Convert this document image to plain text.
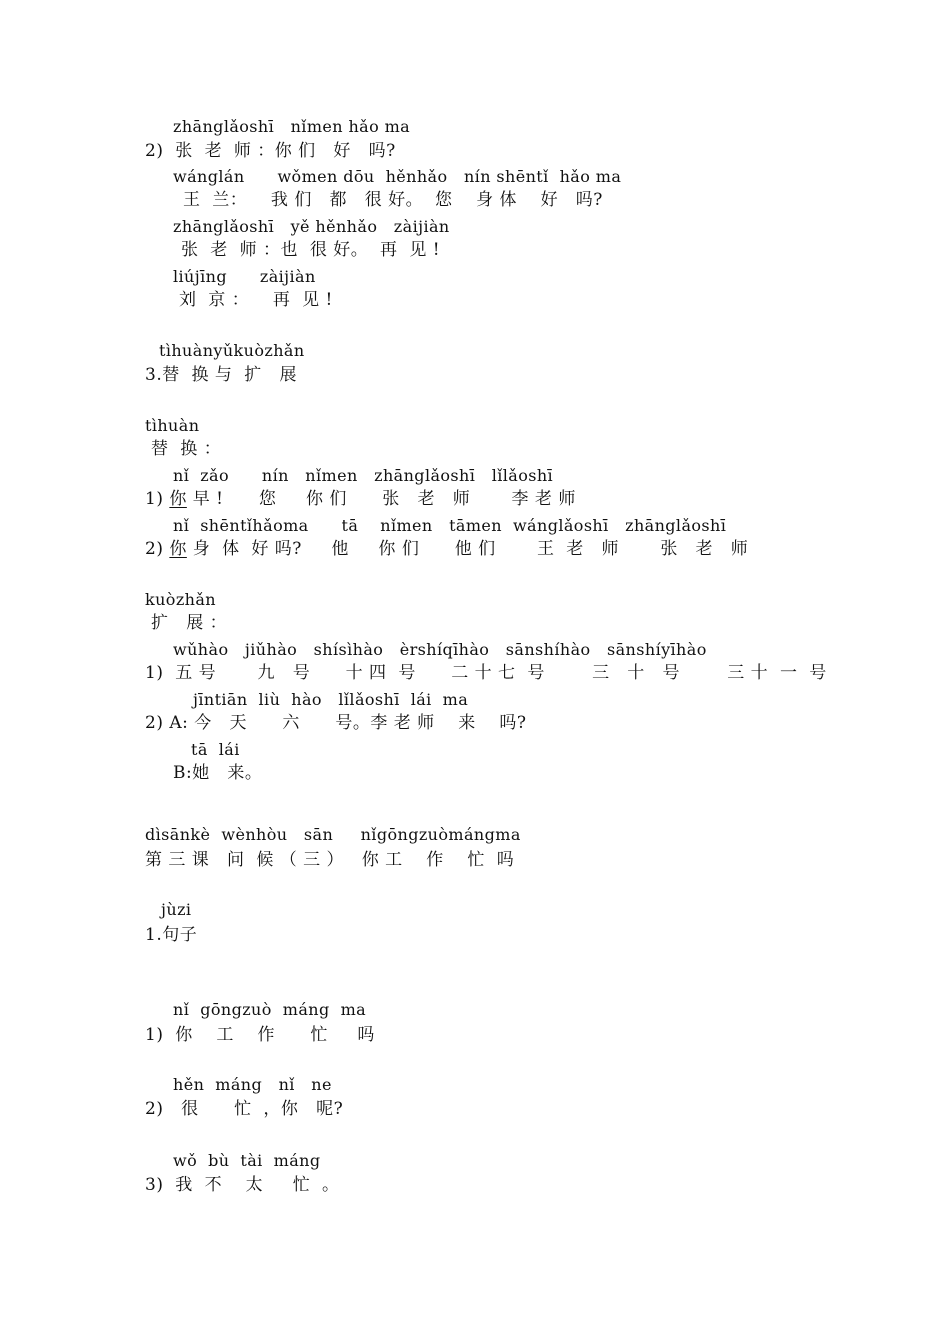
zhānglǎoshī   nǐmen hǎo ma
2)  张  老  师 ：你 们   好   吗?
wánglán      wǒmen dōu  hěnhǎo   nín shēntǐ  hǎo ma
王  兰：    我 们   都   很 好。  您    身 体    好   吗?
zhānglǎoshī   yě hěnhǎo   zàijiàn
张  老  师 ：也  很 好。  再  见 !
liújīng      zàijiàn
刘  京 ：    再  见 !
tìhuànyǔkuòzhǎn
3.替  换 与  扩   展
tìhuàn
替  换 ：
nǐ  zǎo      nín   nǐmen   zhānglǎoshī   lǐlǎoshī
1) 你 早 !      您     你 们      张   老   师       李 老 师
nǐ  shēntǐhǎoma      tā    nǐmen   tāmen  wánglǎoshī   zhānglǎoshī
2) 你 身  体  好 吗?     他     你 们      他 们       王  老   师       张   老   师
kuòzhǎn
扩   展 ：
wǔhào   jiǔhào   shísìhào   èrshíqīhào   sānshíhào   sānshíyīhào
1)  五 号       九   号      十 四  号      二 十 七  号        三   十   号        三 十  一  号
jīntiān  liù  hào   lǐlǎoshī  lái  ma
2) A: 今   天      六      号。李 老 师    来    吗?
tā  lái
B:她   来。
dìsānkè  wènhòu   sān     nǐgōngzuòmángma
第 三 课   问  候 （ 三 ）   你 工    作    忙  吗
jùzi
1.句子
nǐ  gōngzuò  máng  ma
1)  你    工    作      忙     吗
hěn  máng   nǐ   ne
2)   很      忙  ，你   呢?
wǒ  bù  tài  máng
3)  我  不    太     忙  。
